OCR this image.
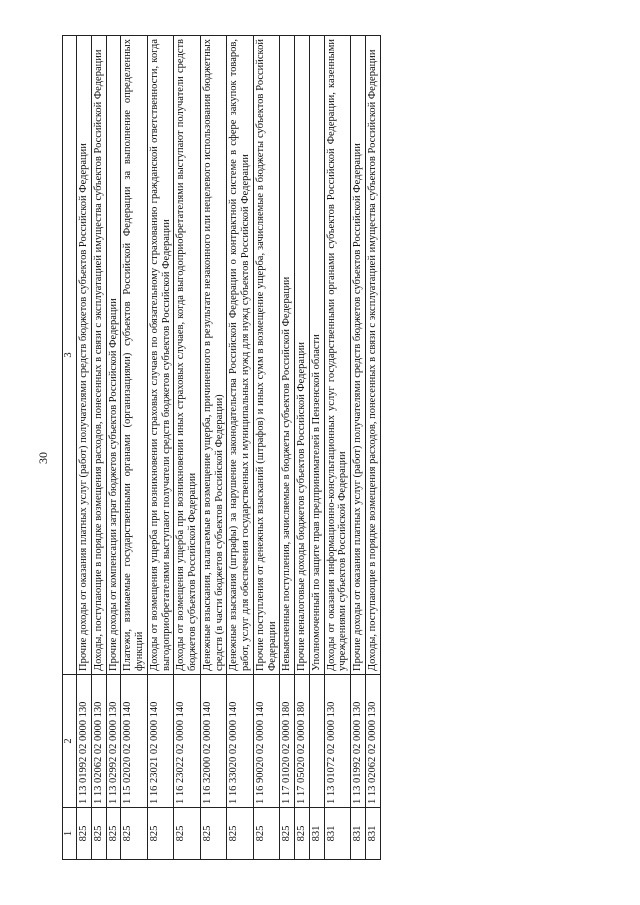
30
1	2	3
825	1 13 01992 02 0000 130	Прочие доходы от оказания платных услуг (работ) получателями средств бюджетов субъектов Российской Федерации
825	1 13 02062 02 0000 130	Доходы, поступающие в порядке возмещения расходов, понесенных в связи с эксплуатацией имущества субъектов Российской Федерации
825	1 13 02992 02 0000 130	Прочие доходы от компенсации затрат бюджетов субъектов Российской Федерации
825	1 15 02020 02 0000 140	Платежи, взимаемые государственными органами (организациями) субъектов Российской Федерации за выполнение определенных функций
825	1 16 23021 02 0000 140	Доходы от возмещения ущерба при возникновении страховых случаев по обязательному страхованию гражданской ответственности, когда выгодоприобретателями выступают получатели средств бюджетов субъектов Российской Федерации
825	1 16 23022 02 0000 140	Доходы от возмещения ущерба при возникновении иных страховых случаев, когда выгодоприобретателями выступают получатели средств бюджетов субъектов Российской Федерации
825	1 16 32000 02 0000 140	Денежные взыскания, налагаемые в возмещение ущерба, причиненного в результате незаконного или нецелевого использования бюджетных средств (в части бюджетов субъектов Российской Федерации)
825	1 16 33020 02 0000 140	Денежные взыскания (штрафы) за нарушение законодательства Российской Федерации о контрактной системе в сфере закупок товаров, работ, услуг для обеспечения государственных и муниципальных нужд для нужд субъектов Российской Федерации
825	1 16 90020 02 0000 140	Прочие поступления от денежных взысканий (штрафов) и иных сумм в возмещение ущерба, зачисляемые в бюджеты субъектов Российской Федерации
825	1 17 01020 02 0000 180	Невыясненные поступления, зачисляемые в бюджеты субъектов Российской Федерации
825	1 17 05020 02 0000 180	Прочие неналоговые доходы бюджетов субъектов Российской Федерации
831		Уполномоченный по защите прав предпринимателей в Пензенской области
831	1 13 01072 02 0000 130	Доходы от оказания информационно-консультационных услуг государственными органами субъектов Российской Федерации, казенными учреждениями субъектов Российской Федерации
831	1 13 01992 02 0000 130	Прочие доходы от оказания платных услуг (работ) получателями средств бюджетов субъектов Российской Федерации
831	1 13 02062 02 0000 130	Доходы, поступающие в порядке возмещения расходов, понесенных в связи с эксплуатацией имущества субъектов Российской Федерации
